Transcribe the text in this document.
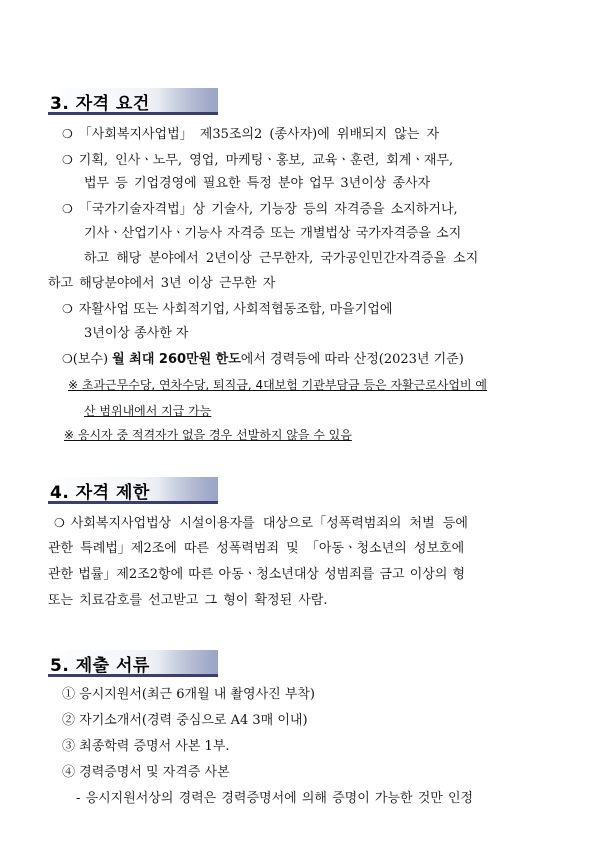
3. 자격 요건
❍ 「사회복지사업법」 제35조의2 (종사자)에 위배되지 않는 자
❍ 기획, 인사ㆍ노무, 영업, 마케팅ㆍ홍보, 교육ㆍ훈련, 회계ㆍ재무,
법무 등 기업경영에 필요한 특정 분야 업무 3년이상 종사자
❍ 「국가기술자격법」상 기술사, 기능장 등의 자격증을 소지하거나,
기사ㆍ산업기사ㆍ기능사 자격증 또는 개별법상 국가자격증을 소지
하고 해당 분야에서 2년이상 근무한자, 국가공인민간자격증을 소지
하고 해당분야에서 3년 이상 근무한 자
❍ 자활사업 또는 사회적기업, 사회적협동조합, 마을기업에
3년이상 종사한 자
❍(보수) 월 최대 260만원 한도에서 경력등에 따라 산정(2023년 기준)
※ 초과근무수당, 연차수당, 퇴직금, 4대보험 기관부담금 등은 자활근로사업비 예
산 범위내에서 지급 가능
※ 응시자 중 적격자가 없을 경우 선발하지 않을 수 있음
4. 자격 제한
❍ 사회복지사업법상 시설이용자를 대상으로「성폭력범죄의 처벌 등에
관한 특례법」제2조에 따른 성폭력범죄 및 「아동ㆍ청소년의 성보호에
관한 법률」제2조2항에 따른 아동ㆍ청소년대상 성범죄를 금고 이상의 형
또는 치료감호를 선고받고 그 형이 확정된 사람.
5. 제출 서류
① 응시지원서(최근 6개월 내 촬영사진 부착)
② 자기소개서(경력 중심으로 A4 3매 이내)
③ 최종학력 증명서 사본 1부.
④ 경력증명서 및 자격증 사본
- 응시지원서상의 경력은 경력증명서에 의해 증명이 가능한 것만 인정
